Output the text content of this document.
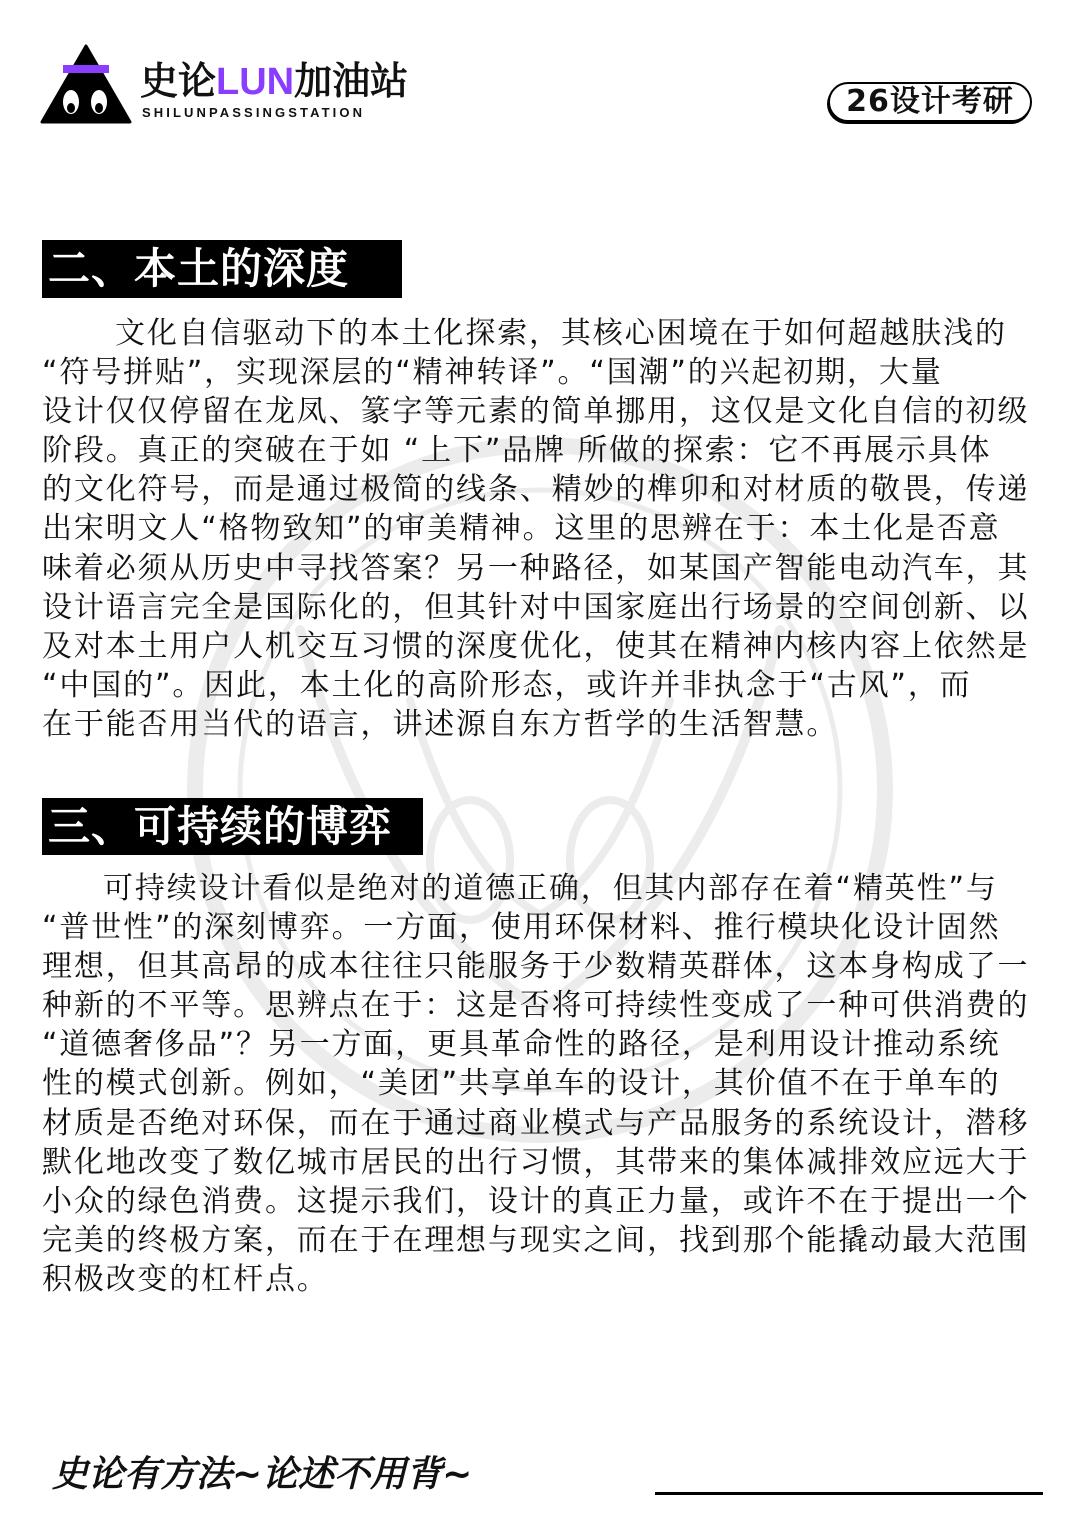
史论LUN加油站
SHILUNPASSINGSTATION	26设计考研
二、本土的深度
文化自信驱动下的本土化探索，其核心困境在于如何超越肤浅的
“符号拼贴”，实现深层的“精神转译”。“国潮”的兴起初期，大量
设计仅仅停留在龙凤、篆字等元素的简单挪用，这仅是文化自信的初级
阶段。真正的突破在于如 “上下”品牌 所做的探索：它不再展示具体
的文化符号，而是通过极简的线条、精妙的榫卯和对材质的敬畏，传递
出宋明文人“格物致知”的审美精神。这里的思辨在于：本土化是否意
味着必须从历史中寻找答案？另一种路径，如某国产智能电动汽车，其
设计语言完全是国际化的，但其针对中国家庭出行场景的空间创新、以
及对本土用户人机交互习惯的深度优化，使其在精神内核内容上依然是
“中国的”。因此，本土化的高阶形态，或许并非执念于“古风”，而
在于能否用当代的语言，讲述源自东方哲学的生活智慧。
三、可持续的博弈
可持续设计看似是绝对的道德正确，但其内部存在着“精英性”与
“普世性”的深刻博弈。一方面，使用环保材料、推行模块化设计固然
理想，但其高昂的成本往往只能服务于少数精英群体，这本身构成了一
种新的不平等。思辨点在于：这是否将可持续性变成了一种可供消费的
“道德奢侈品”？另一方面，更具革命性的路径，是利用设计推动系统
性的模式创新。例如，“美团”共享单车的设计，其价值不在于单车的
材质是否绝对环保，而在于通过商业模式与产品服务的系统设计，潜移
默化地改变了数亿城市居民的出行习惯，其带来的集体减排效应远大于
小众的绿色消费。这提示我们，设计的真正力量，或许不在于提出一个
完美的终极方案，而在于在理想与现实之间，找到那个能撬动最大范围
积极改变的杠杆点。
史论有方法~论述不用背~
